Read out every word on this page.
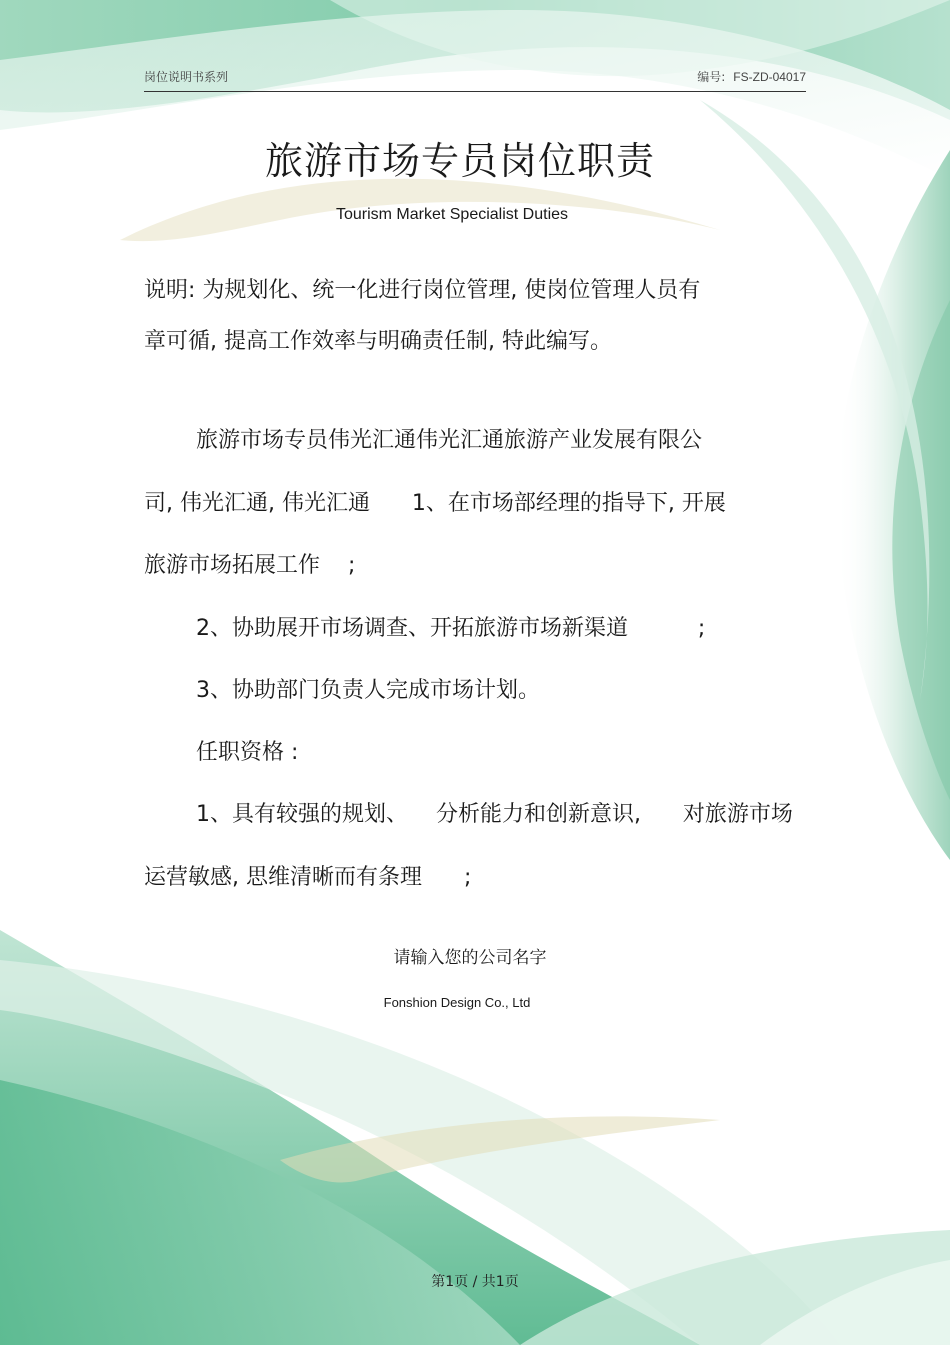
岗位说明书系列	编号: FS-ZD-04017
旅游市场专员岗位职责
Tourism Market Specialist Duties
说明: 为规划化、统一化进行岗位管理, 使岗位管理人员有
章可循, 提高工作效率与明确责任制, 特此编写。
旅游市场专员伟光汇通伟光汇通旅游产业发展有限公
司, 伟光汇通, 伟光汇通      1、在市场部经理的指导下, 开展
旅游市场拓展工作    ;
2、协助展开市场调查、开拓旅游市场新渠道          ;
3、协助部门负责人完成市场计划。
任职资格 :
1、具有较强的规划、    分析能力和创新意识,      对旅游市场
运营敏感, 思维清晰而有条理      ;
请输入您的公司名字
Fonshion Design Co., Ltd
第1页 / 共1页
